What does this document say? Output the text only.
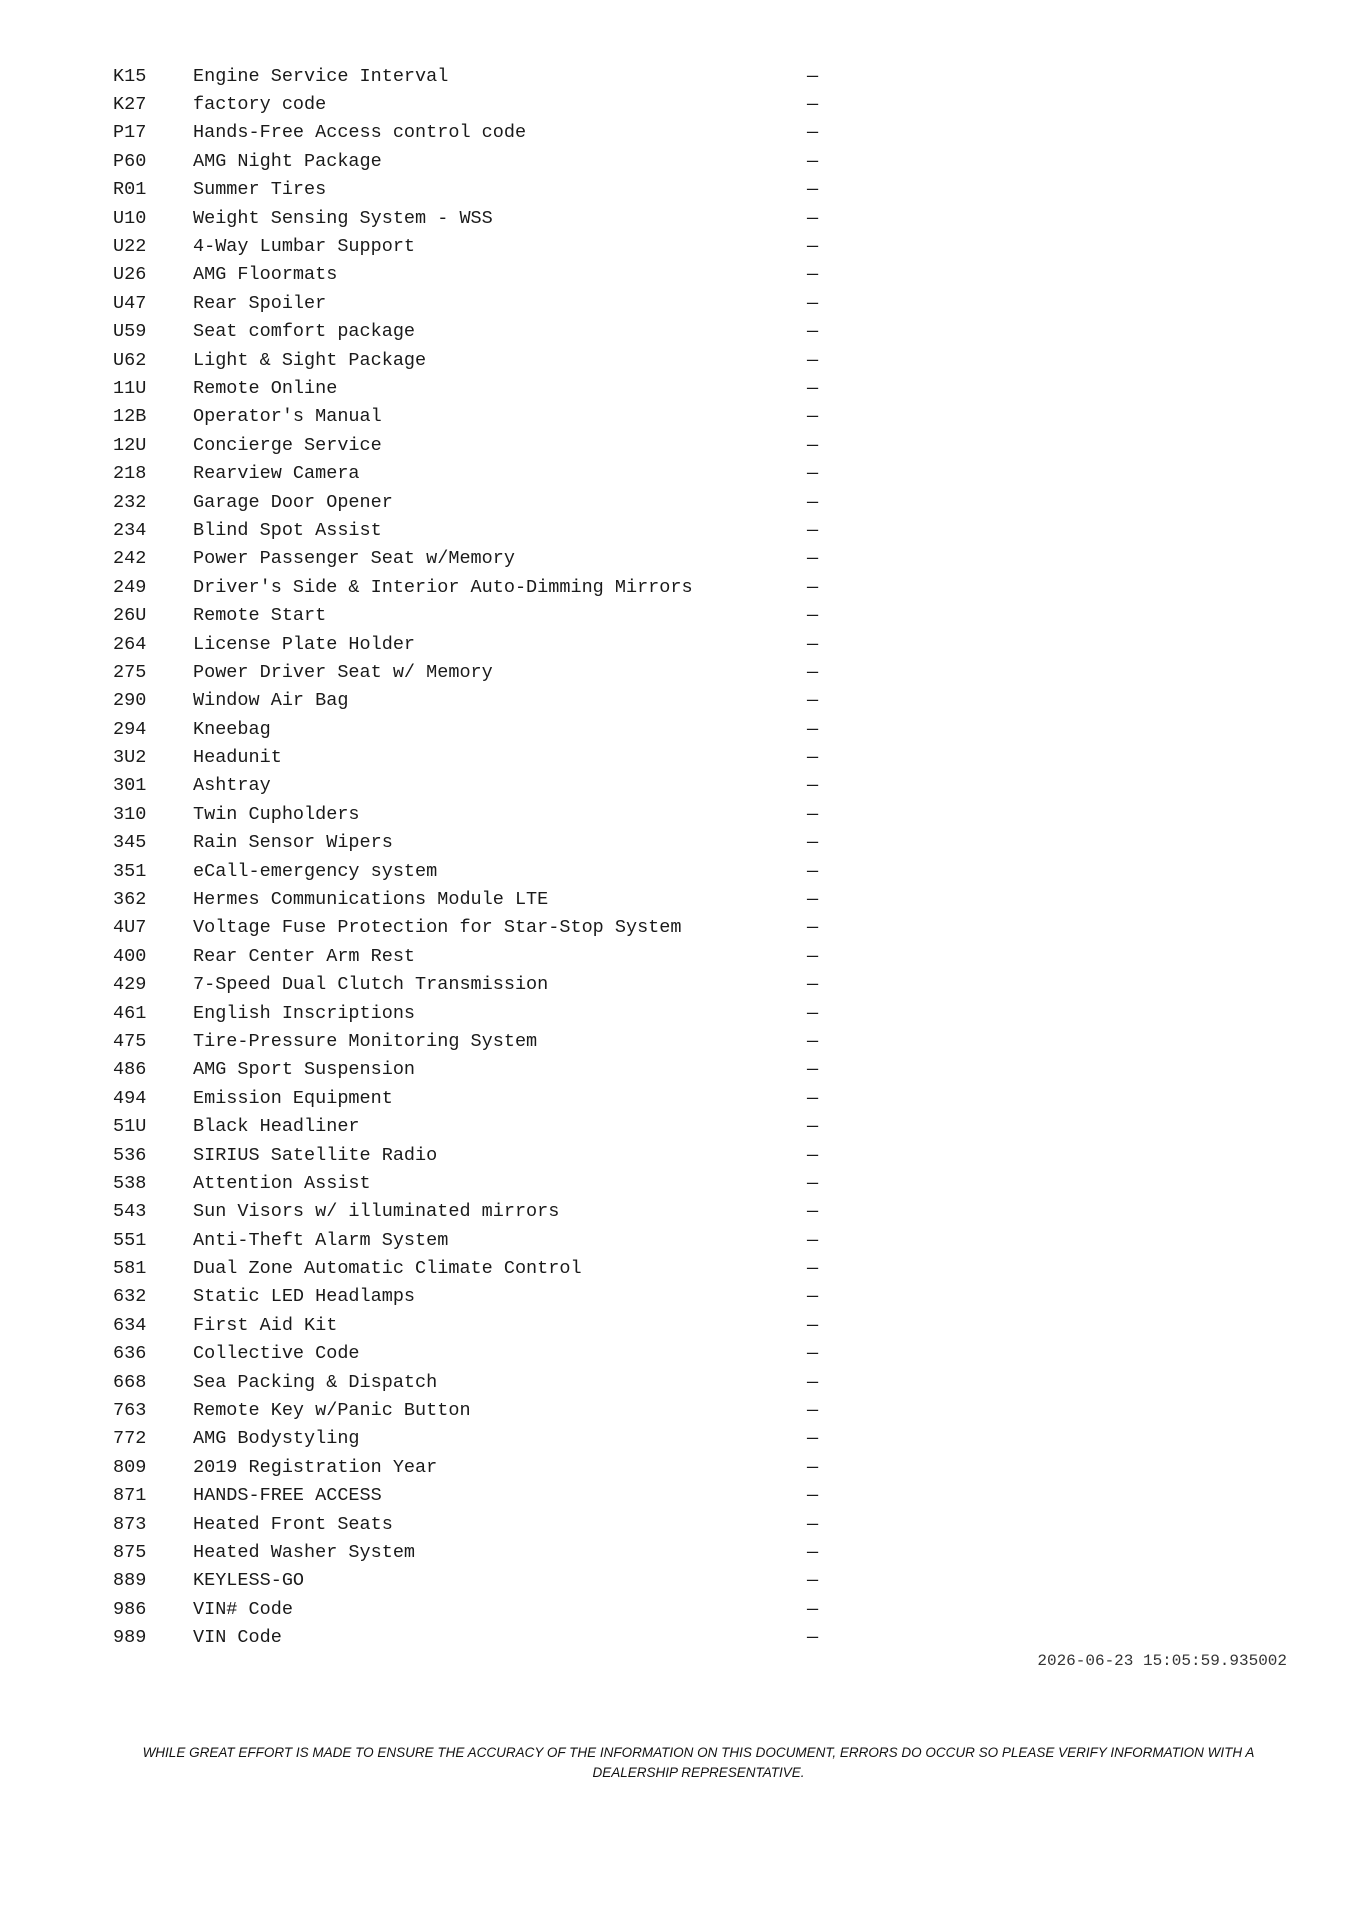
K15	Engine Service Interval	—
K27	factory code	—
P17	Hands-Free Access control code	—
P60	AMG Night Package	—
R01	Summer Tires	—
U10	Weight Sensing System - WSS	—
U22	4-Way Lumbar Support	—
U26	AMG Floormats	—
U47	Rear Spoiler	—
U59	Seat comfort package	—
U62	Light & Sight Package	—
11U	Remote Online	—
12B	Operator's Manual	—
12U	Concierge Service	—
218	Rearview Camera	—
232	Garage Door Opener	—
234	Blind Spot Assist	—
242	Power Passenger Seat w/Memory	—
249	Driver's Side & Interior Auto-Dimming Mirrors	—
26U	Remote Start	—
264	License Plate Holder	—
275	Power Driver Seat w/ Memory	—
290	Window Air Bag	—
294	Kneebag	—
3U2	Headunit	—
301	Ashtray	—
310	Twin Cupholders	—
345	Rain Sensor Wipers	—
351	eCall-emergency system	—
362	Hermes Communications Module LTE	—
4U7	Voltage Fuse Protection for Star-Stop System	—
400	Rear Center Arm Rest	—
429	7-Speed Dual Clutch Transmission	—
461	English Inscriptions	—
475	Tire-Pressure Monitoring System	—
486	AMG Sport Suspension	—
494	Emission Equipment	—
51U	Black Headliner	—
536	SIRIUS Satellite Radio	—
538	Attention Assist	—
543	Sun Visors w/ illuminated mirrors	—
551	Anti-Theft Alarm System	—
581	Dual Zone Automatic Climate Control	—
632	Static LED Headlamps	—
634	First Aid Kit	—
636	Collective Code	—
668	Sea Packing & Dispatch	—
763	Remote Key w/Panic Button	—
772	AMG Bodystyling	—
809	2019 Registration Year	—
871	HANDS-FREE ACCESS	—
873	Heated Front Seats	—
875	Heated Washer System	—
889	KEYLESS-GO	—
986	VIN# Code	—
989	VIN Code	—
2026-06-23 15:05:59.935002
WHILE GREAT EFFORT IS MADE TO ENSURE THE ACCURACY OF THE INFORMATION ON THIS DOCUMENT, ERRORS DO OCCUR SO PLEASE VERIFY INFORMATION WITH A
DEALERSHIP REPRESENTATIVE.
